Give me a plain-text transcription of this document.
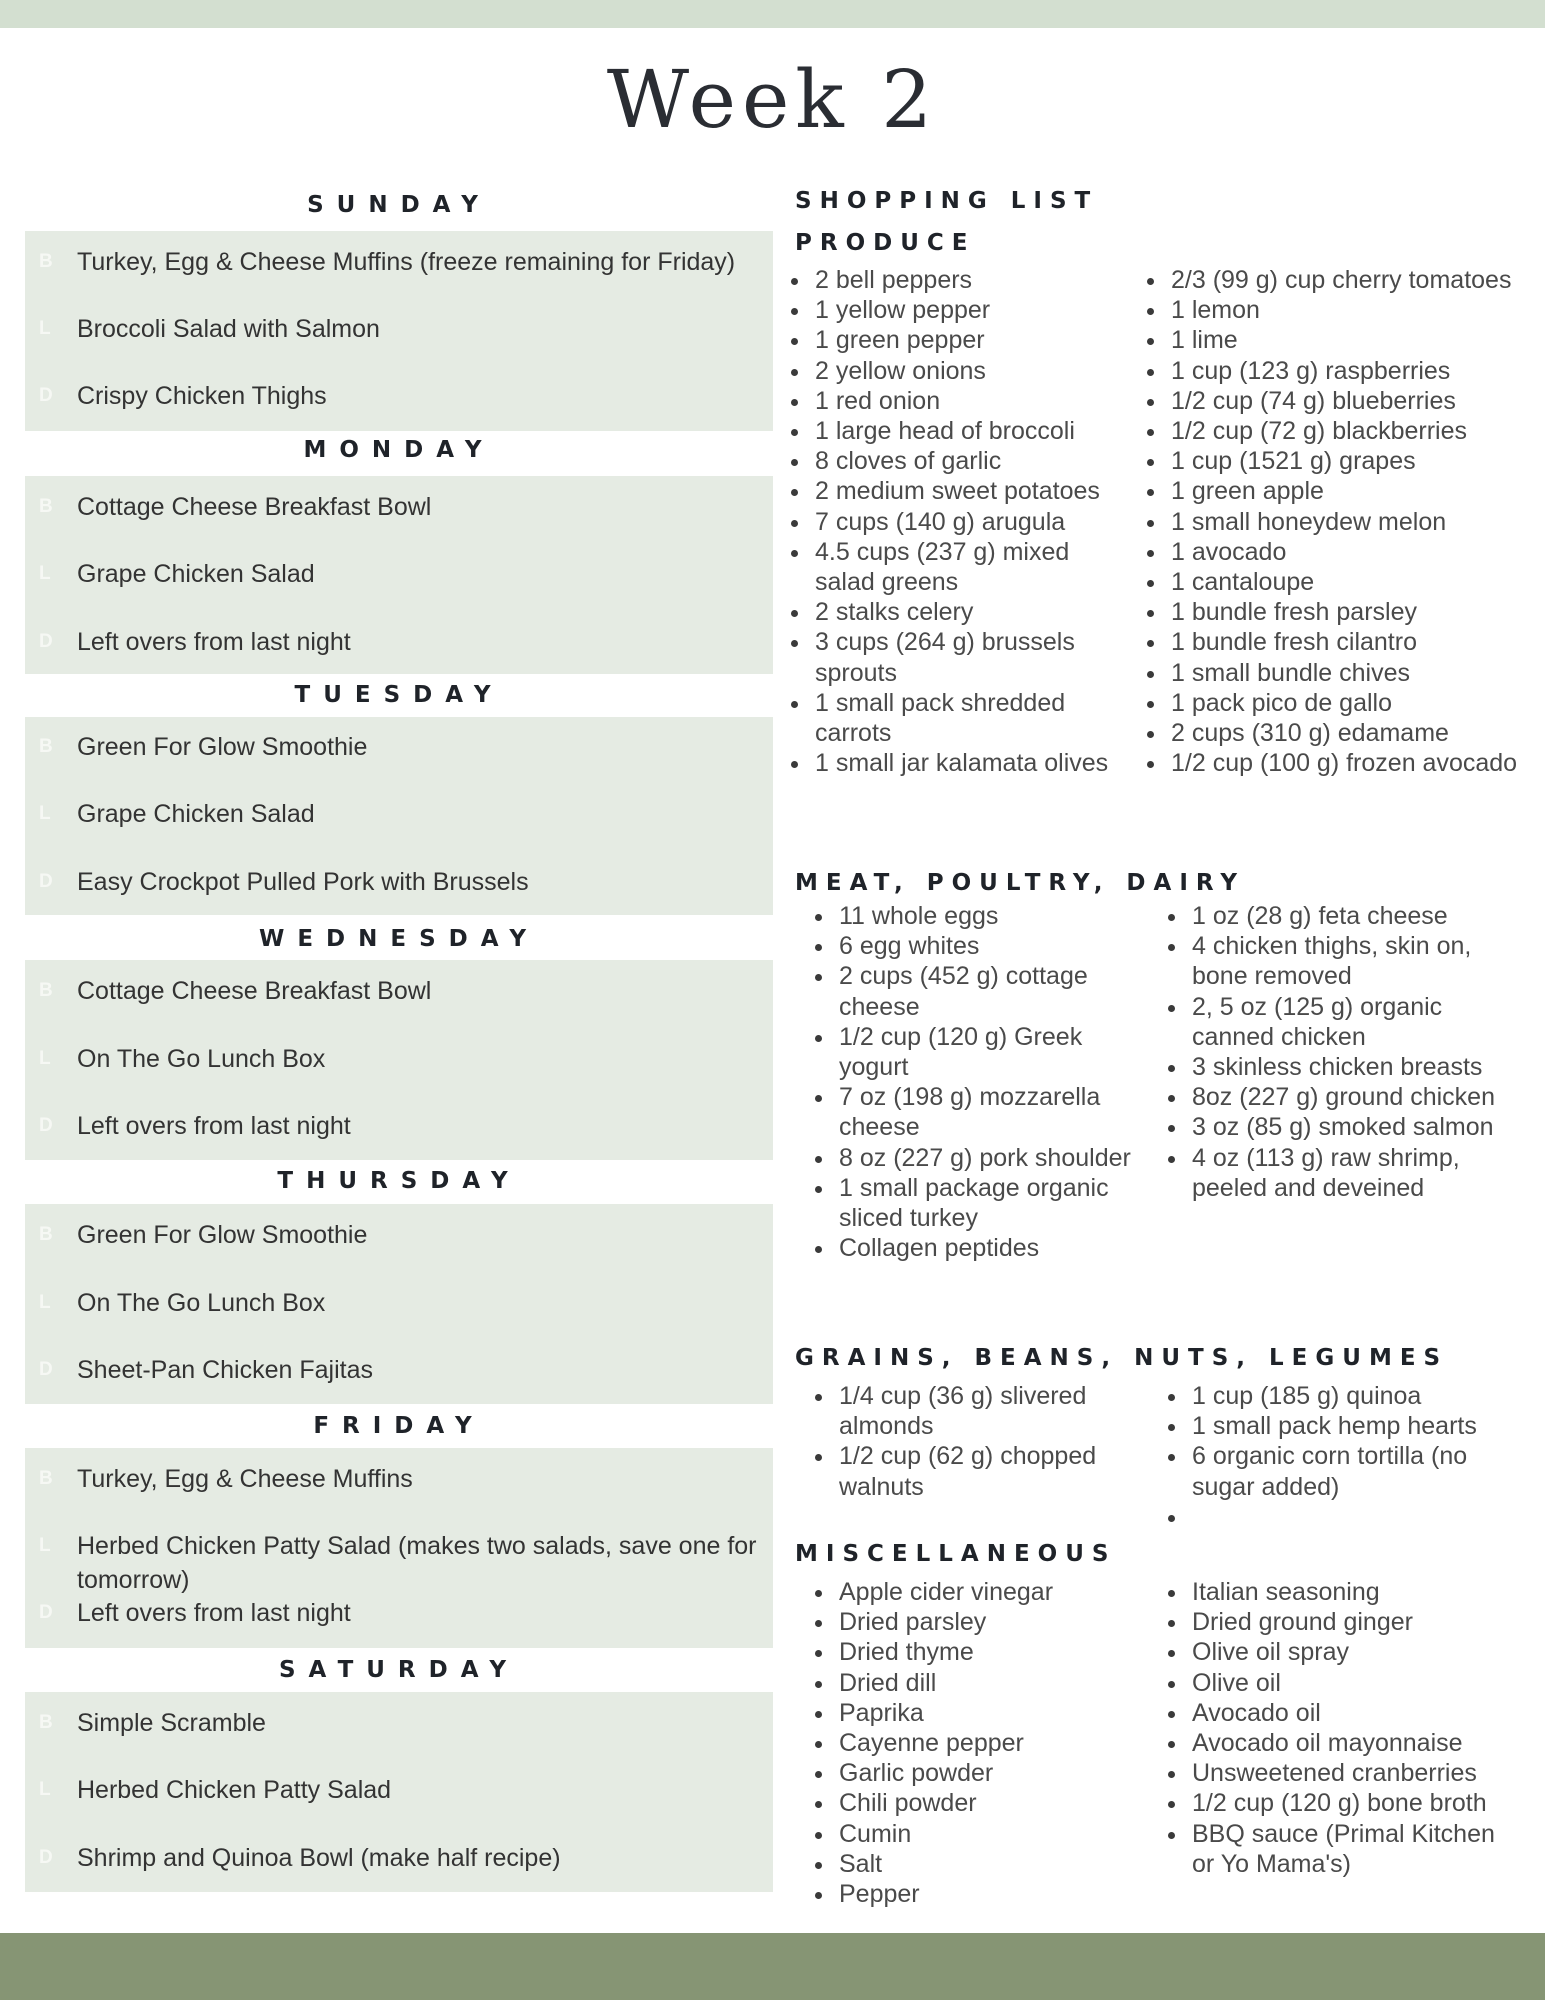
Week 2
SUNDAY
B Turkey, Egg & Cheese Muffins (freeze remaining for Friday)
L	Broccoli Salad with Salmon
D Crispy Chicken Thighs
MONDAY
B Cottage Cheese Breakfast Bowl
L	Grape Chicken Salad
D Left overs from last night
TUESDAY
B Green For Glow Smoothie
L	Grape Chicken Salad
D Easy Crockpot Pulled Pork with Brussels
WEDNESDAY
B Cottage Cheese Breakfast Bowl
L	On The Go Lunch Box
D Left overs from last night
THURSDAY
B Green For Glow Smoothie
L	On The Go Lunch Box
D Sheet-Pan Chicken Fajitas
FRIDAY
B Turkey, Egg & Cheese Muffins
L	Herbed Chicken Patty Salad (makes two salads, save one for tomorrow)
D Left overs from last night
SATURDAY
B Simple Scramble
L	Herbed Chicken Patty Salad
D Shrimp and Quinoa Bowl (make half recipe)
SHOPPING LIST
PRODUCE
2 bell peppers
1 yellow pepper
1 green pepper
2 yellow onions
1 red onion
1 large head of broccoli
8 cloves of garlic
2 medium sweet potatoes
7 cups (140 g) arugula
4.5 cups (237 g) mixed salad greens
2 stalks celery
3 cups (264 g) brussels sprouts
1 small pack shredded carrots
1 small jar kalamata olives
2/3 (99 g) cup cherry tomatoes
1 lemon
1 lime
1 cup (123 g) raspberries
1/2 cup (74 g) blueberries
1/2 cup (72 g) blackberries
1 cup (1521 g) grapes
1 green apple
1 small honeydew melon
1 avocado
1 cantaloupe
1 bundle fresh parsley
1 bundle fresh cilantro
1 small bundle chives
1 pack pico de gallo
2 cups (310 g) edamame
1/2 cup (100 g) frozen avocado
MEAT, POULTRY, DAIRY
11 whole eggs
6 egg whites
2 cups (452 g) cottage cheese
1/2 cup (120 g) Greek yogurt
7 oz (198 g) mozzarella cheese
8 oz (227 g) pork shoulder
1 small package organic sliced turkey
Collagen peptides
1 oz (28 g) feta cheese
4 chicken thighs, skin on, bone removed
2, 5 oz (125 g) organic canned chicken
3 skinless chicken breasts
8oz (227 g) ground chicken
3 oz (85 g) smoked salmon
4 oz (113 g) raw shrimp, peeled and deveined
GRAINS, BEANS, NUTS, LEGUMES
1/4 cup (36 g) slivered almonds
1/2 cup (62 g) chopped walnuts
1 cup (185 g) quinoa
1 small pack hemp hearts
6 organic corn tortilla (no sugar added)

MISCELLANEOUS
Apple cider vinegar
Dried parsley
Dried thyme
Dried dill
Paprika
Cayenne pepper
Garlic powder
Chili powder
Cumin
Salt
Pepper
Italian seasoning
Dried ground ginger
Olive oil spray
Olive oil
Avocado oil
Avocado oil mayonnaise
Unsweetened cranberries
1/2 cup (120 g) bone broth
BBQ sauce (Primal Kitchen or Yo Mama's)
